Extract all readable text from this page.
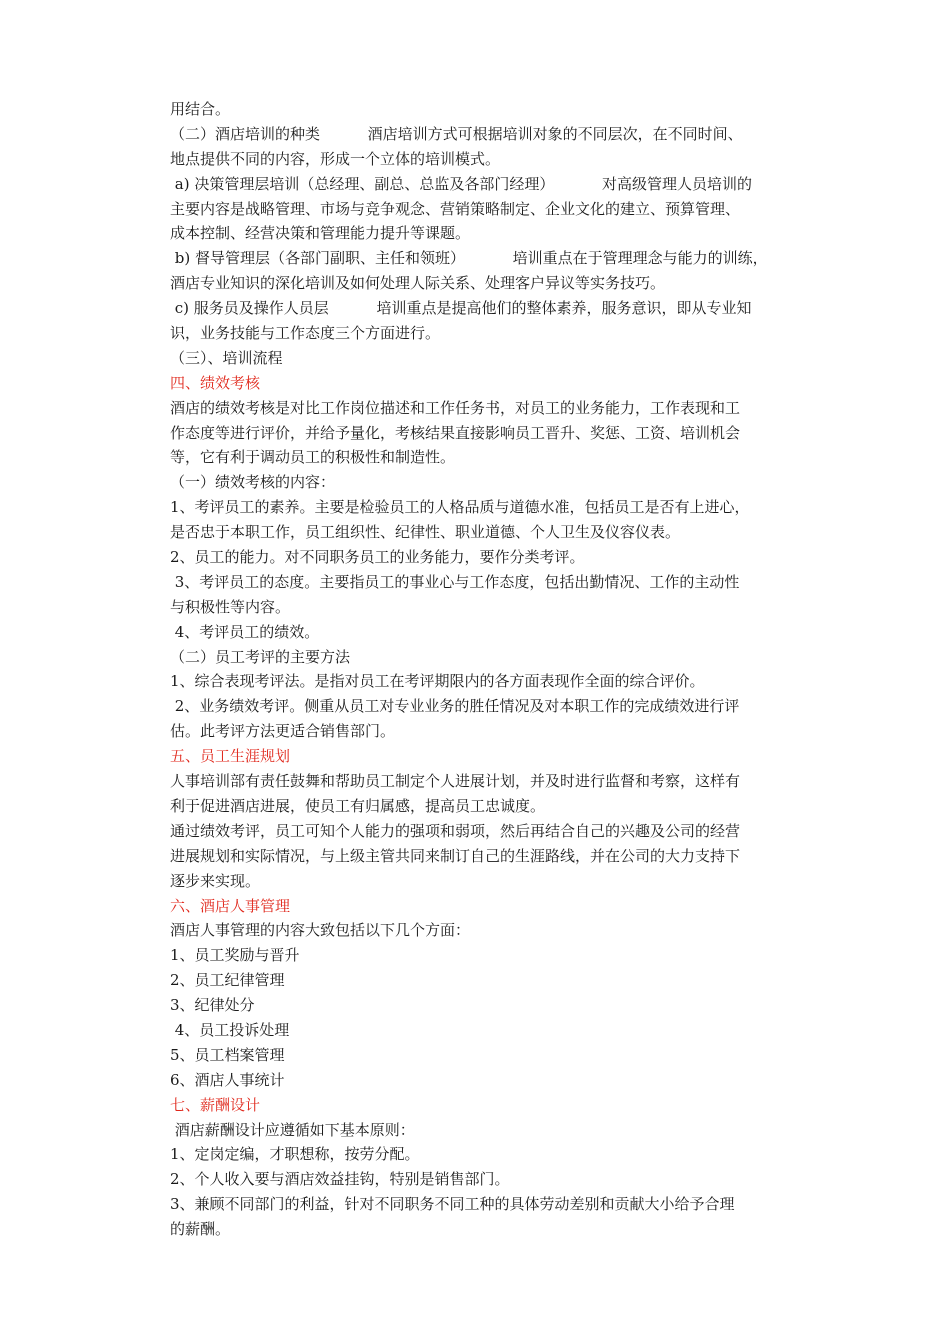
用结合。
（二）酒店培训的种类          酒店培训方式可根据培训对象的不同层次，在不同时间、
地点提供不同的内容，形成一个立体的培训模式。
a) 决策管理层培训（总经理、副总、总监及各部门经理）          对高级管理人员培训的
主要内容是战略管理、市场与竞争观念、营销策略制定、企业文化的建立、预算管理、
成本控制、经营决策和管理能力提升等课题。
b) 督导管理层（各部门副职、主任和领班）          培训重点在于管理理念与能力的训练，
酒店专业知识的深化培训及如何处理人际关系、处理客户异议等实务技巧。
c) 服务员及操作人员层          培训重点是提高他们的整体素养，服务意识，即从专业知
识，业务技能与工作态度三个方面进行。
（三）、培训流程
四、绩效考核
酒店的绩效考核是对比工作岗位描述和工作任务书，对员工的业务能力，工作表现和工
作态度等进行评价，并给予量化，考核结果直接影响员工晋升、奖惩、工资、培训机会
等，它有利于调动员工的积极性和制造性。
（一）绩效考核的内容：
1、考评员工的素养。主要是检验员工的人格品质与道德水准，包括员工是否有上进心，
是否忠于本职工作，员工组织性、纪律性、职业道德、个人卫生及仪容仪表。
2、员工的能力。对不同职务员工的业务能力，要作分类考评。
3、考评员工的态度。主要指员工的事业心与工作态度，包括出勤情况、工作的主动性
与积极性等内容。
4、考评员工的绩效。
（二）员工考评的主要方法
1、综合表现考评法。是指对员工在考评期限内的各方面表现作全面的综合评价。
2、业务绩效考评。侧重从员工对专业业务的胜任情况及对本职工作的完成绩效进行评
估。此考评方法更适合销售部门。
五、员工生涯规划
人事培训部有责任鼓舞和帮助员工制定个人进展计划，并及时进行监督和考察，这样有
利于促进酒店进展，使员工有归属感，提高员工忠诚度。
通过绩效考评，员工可知个人能力的强项和弱项，然后再结合自己的兴趣及公司的经营
进展规划和实际情况，与上级主管共同来制订自己的生涯路线，并在公司的大力支持下
逐步来实现。
六、酒店人事管理
酒店人事管理的内容大致包括以下几个方面：
1、员工奖励与晋升
2、员工纪律管理
3、纪律处分
4、员工投诉处理
5、员工档案管理
6、酒店人事统计
七、薪酬设计
酒店薪酬设计应遵循如下基本原则：
1、定岗定编，才职想称，按劳分配。
2、个人收入要与酒店效益挂钩，特别是销售部门。
3、兼顾不同部门的利益，针对不同职务不同工种的具体劳动差别和贡献大小给予合理
的薪酬。
